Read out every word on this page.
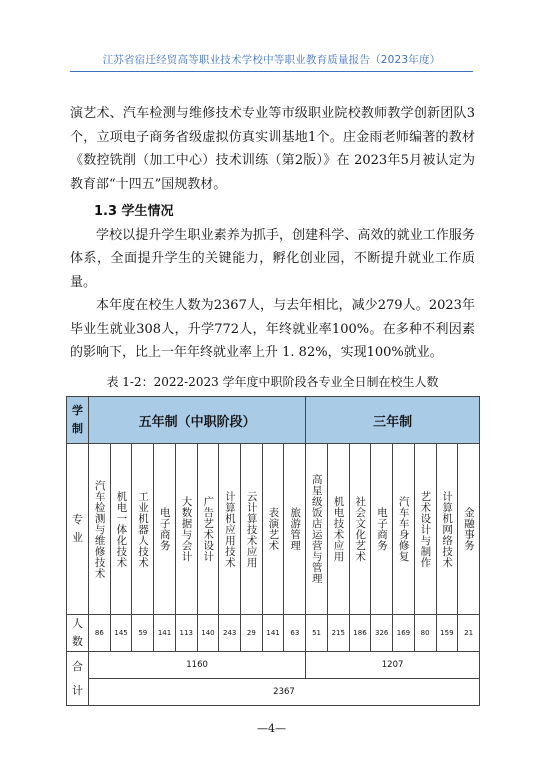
江苏省宿迁经贸高等职业技术学校中等职业教育质量报告（2023年度）

演艺术、汽车检测与维修技术专业等市级职业院校教师教学创新团队3个，立项电子商务省级虚拟仿真实训基地1个。庄金雨老师编著的教材《数控铣削（加工中心）技术训练（第2版）》在 2023年5月被认定为教育部“十四五”国规教材。

1.3 学生情况

学校以提升学生职业素养为抓手，创建科学、高效的就业工作服务体系，全面提升学生的关键能力，孵化创业园，不断提升就业工作质量。

本年度在校生人数为2367人，与去年相比，减少279人。2023年毕业生就业308人，升学772人，年终就业率100%。在多种不利因素的影响下，比上一年年终就业率上升 1. 82%，实现100%就业。

表 1-2：2022-2023 学年度中职阶段各专业全日制在校生人数
学制	五年制（中职阶段）										三年制							
专业	汽车检测与维修技术	机电一体化技术	工业机器人技术	电子商务	大数据与会计	广告艺术设计	计算机应用技术	云计算技术应用	表演艺术	旅游管理	高星级饭店运营与管理	机电技术应用	社会文化艺术	电子商务	汽车车身修复	艺术设计与制作	计算机网络技术	金融事务

人数	86	145	59	141	113	140	243	29	141	63	51	215	186	326	169	80	159	21

合计	1160										1207							
	2367																	
—4—
